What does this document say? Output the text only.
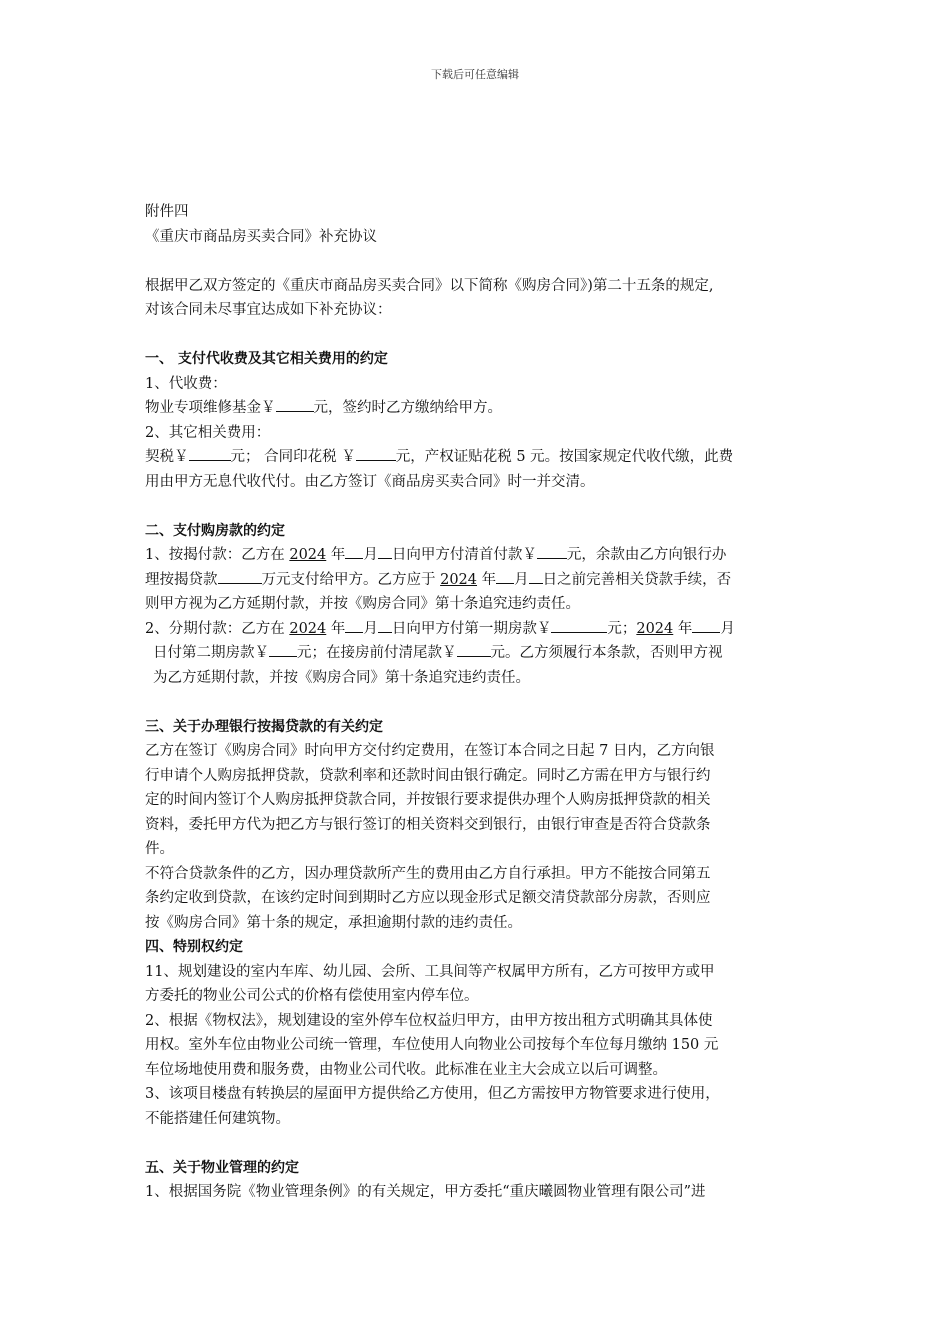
下载后可任意编辑

附件四

《重庆市商品房买卖合同》补充协议

根据甲乙双方签定的《重庆市商品房买卖合同》以下简称《购房合同》)第二十五条的规定,

对该合同未尽事宜达成如下补充协议：

一、 支付代收费及其它相关费用的约定

1、代收费：

物业专项维修基金￥	元，签约时乙方缴纳给甲方。

2、其它相关费用：

契税￥	元； 合同印花税 ￥	元，产权证贴花税 5 元。按国家规定代收代缴，此费

用由甲方无息代收代付。由乙方签订《商品房买卖合同》时一并交清。

二、支付购房款的约定

1、按揭付款：乙方在 2024 年 月 日向甲方付清首付款￥ 元，余款由乙方向银行办

理按揭贷款	万元支付给甲方。乙方应于 2024 年 月 日之前完善相关贷款手续，否

则甲方视为乙方延期付款，并按《购房合同》第十条追究违约责任。

2、分期付款：乙方在 2024 年 月 日向甲方付第一期房款￥	元；2024 年 月

日付第二期房款￥ 元；在接房前付清尾款￥ 元。乙方须履行本条款，否则甲方视

为乙方延期付款，并按《购房合同》第十条追究违约责任。

三、关于办理银行按揭贷款的有关约定

乙方在签订《购房合同》时向甲方交付约定费用，在签订本合同之日起 7 日内，乙方向银

行申请个人购房抵押贷款，贷款利率和还款时间由银行确定。同时乙方需在甲方与银行约

定的时间内签订个人购房抵押贷款合同，并按银行要求提供办理个人购房抵押贷款的相关

资料，委托甲方代为把乙方与银行签订的相关资料交到银行，由银行审查是否符合贷款条

件。

不符合贷款条件的乙方，因办理贷款所产生的费用由乙方自行承担。甲方不能按合同第五

条约定收到贷款，在该约定时间到期时乙方应以现金形式足额交清贷款部分房款，否则应

按《购房合同》第十条的规定，承担逾期付款的违约责任。

四、特别权约定

11、规划建设的室内车库、幼儿园、会所、工具间等产权属甲方所有，乙方可按甲方或甲

方委托的物业公司公式的价格有偿使用室内停车位。

2、根据《物权法》，规划建设的室外停车位权益归甲方，由甲方按出租方式明确其具体使

用权。室外车位由物业公司统一管理，车位使用人向物业公司按每个车位每月缴纳 150 元

车位场地使用费和服务费，由物业公司代收。此标准在业主大会成立以后可调整。

3、该项目楼盘有转换层的屋面甲方提供给乙方使用，但乙方需按甲方物管要求进行使用，

不能搭建任何建筑物。

五、关于物业管理的约定

1、根据国务院《物业管理条例》的有关规定，甲方委托“重庆曦圆物业管理有限公司”进
